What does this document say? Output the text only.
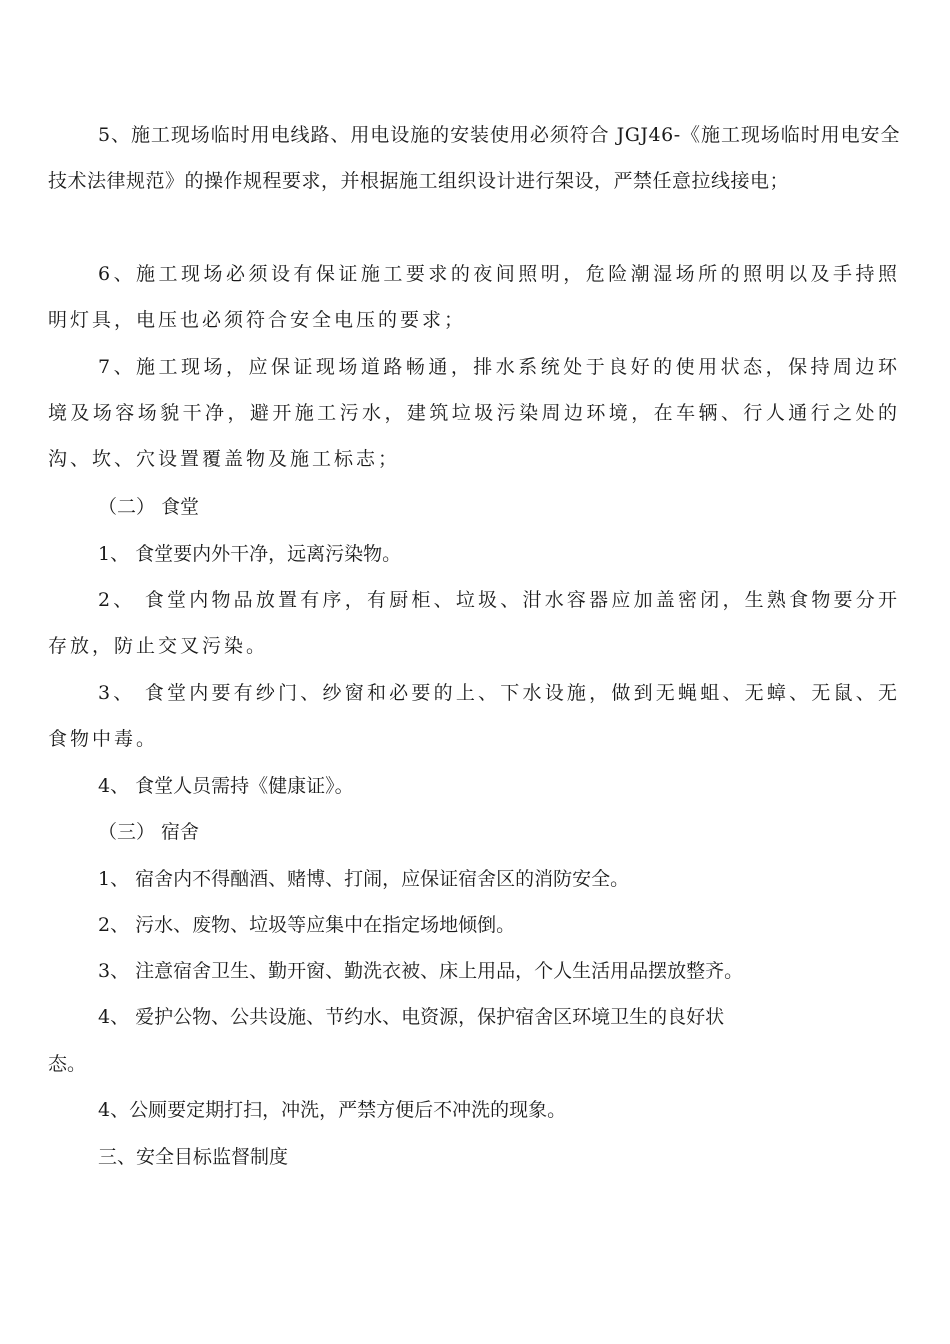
5、施工现场临时用电线路、用电设施的安装使用必须符合 JGJ46-《施工现场临时用电安全技术法律规范》的操作规程要求，并根据施工组织设计进行架设，严禁任意拉线接电；

6、施工现场必须设有保证施工要求的夜间照明，危险潮湿场所的照明以及手持照明灯具，电压也必须符合安全电压的要求；

7、施工现场，应保证现场道路畅通，排水系统处于良好的使用状态，保持周边环境及场容场貌干净，避开施工污水，建筑垃圾污染周边环境，在车辆、行人通行之处的沟、坎、穴设置覆盖物及施工标志；

（二） 食堂

1、 食堂要内外干净，远离污染物。

2、 食堂内物品放置有序，有厨柜、垃圾、泔水容器应加盖密闭，生熟食物要分开存放，防止交叉污染。

3、 食堂内要有纱门、纱窗和必要的上、下水设施，做到无蝇蛆、无蟑、无鼠、无食物中毒。

4、 食堂人员需持《健康证》。

（三） 宿舍

1、 宿舍内不得酗酒、赌博、打闹，应保证宿舍区的消防安全。

2、 污水、废物、垃圾等应集中在指定场地倾倒。

3、 注意宿舍卫生、勤开窗、勤洗衣被、床上用品，个人生活用品摆放整齐。

4、 爱护公物、公共设施、节约水、电资源，保护宿舍区环境卫生的良好状

态。

4、公厕要定期打扫，冲洗，严禁方便后不冲洗的现象。

三、安全目标监督制度
